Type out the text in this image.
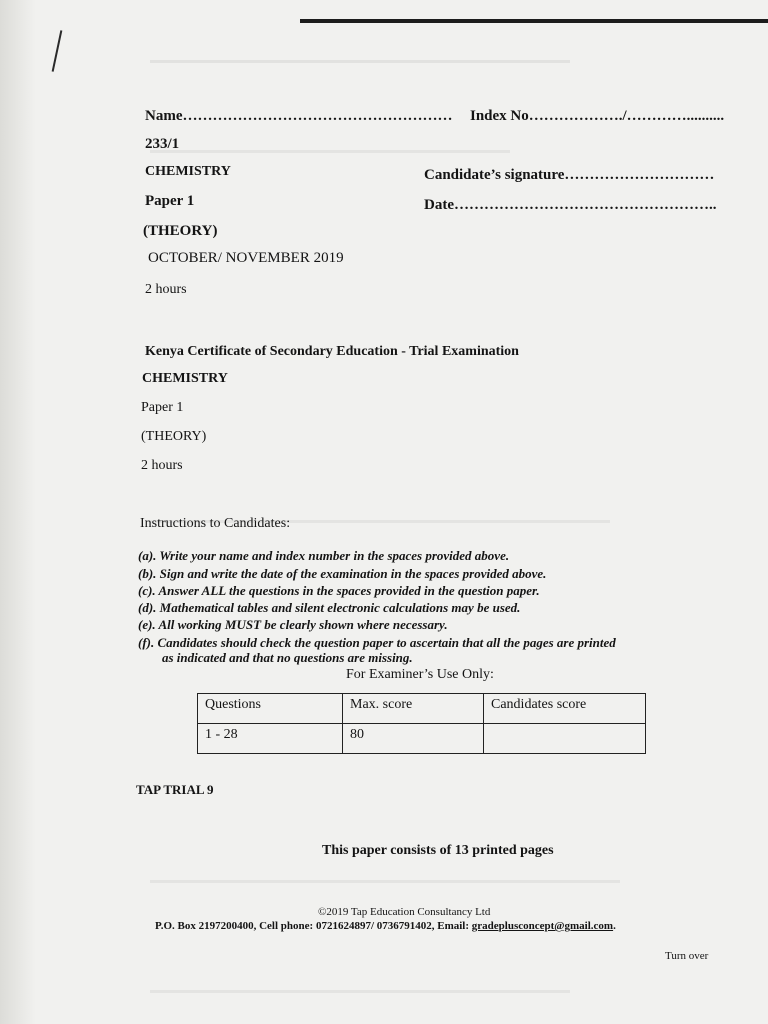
Name……………………………………………… Index No………………./…………..........
233/1
CHEMISTRY	Candidate’s signature…………………………
Paper 1	Date……………………………………………..
(THEORY)
OCTOBER/ NOVEMBER 2019
2 hours
Kenya Certificate of Secondary Education - Trial Examination
CHEMISTRY
Paper 1
(THEORY)
2 hours
Instructions to Candidates:
(a). Write your name and index number in the spaces provided above.
(b). Sign and write the date of the examination in the spaces provided above.
(c). Answer ALL the questions in the spaces provided in the question paper.
(d). Mathematical tables and silent electronic calculations may be used.
(e). All working MUST be clearly shown where necessary.
(f). Candidates should check the question paper to ascertain that all the pages are printed
as indicated and that no questions are missing.
For Examiner’s Use Only:
Questions	Max. score	Candidates score
1 - 28	80	
TAP TRIAL 9
This paper consists of 13 printed pages
©2019 Tap Education Consultancy Ltd
P.O. Box 2197200400, Cell phone: 0721624897/ 0736791402, Email: gradeplusconcept@gmail.com.
Turn over
